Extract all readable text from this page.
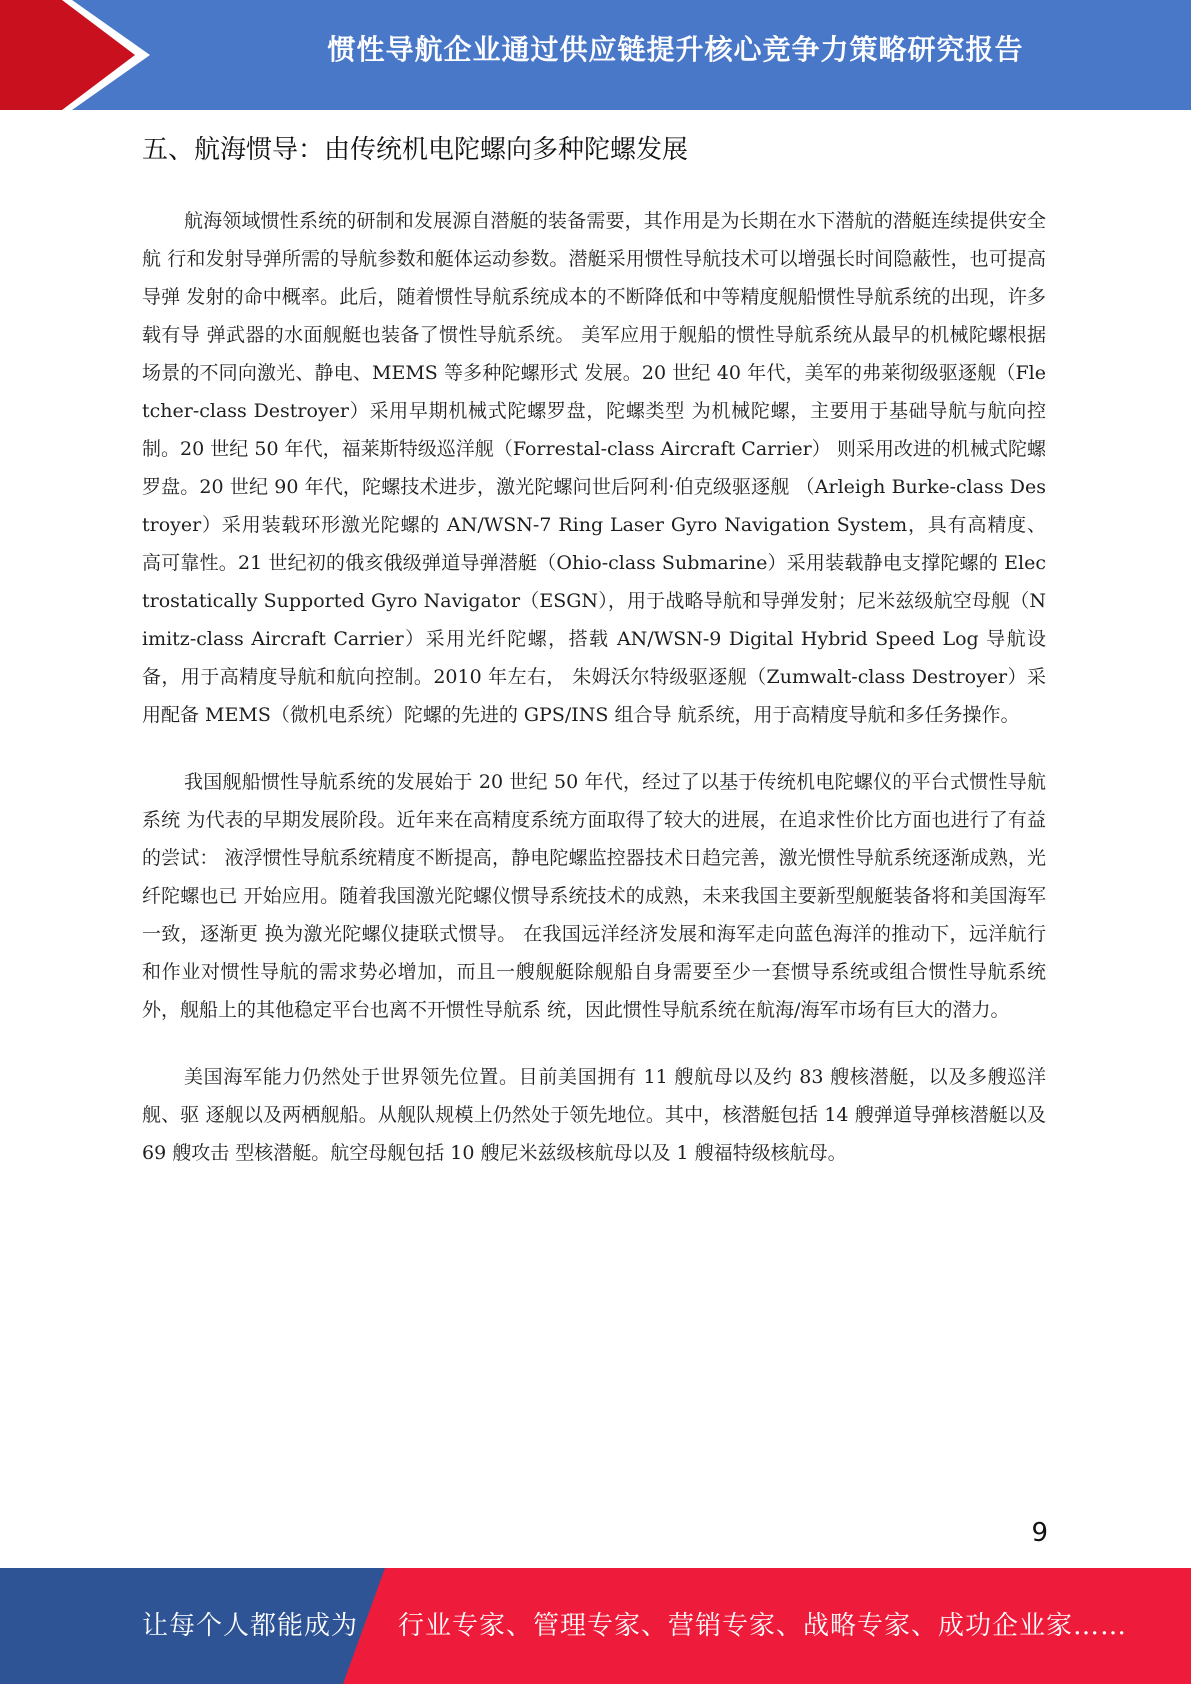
惯性导航企业通过供应链提升核心竞争力策略研究报告
五、航海惯导：由传统机电陀螺向多种陀螺发展

航海领域惯性系统的研制和发展源自潜艇的装备需要，其作用是为长期在水下潜航的潜艇连续提供安全航 行和发射导弹所需的导航参数和艇体运动参数。潜艇采用惯性导航技术可以增强长时间隐蔽性，也可提高导弹 发射的命中概率。此后，随着惯性导航系统成本的不断降低和中等精度舰船惯性导航系统的出现，许多载有导 弹武器的水面舰艇也装备了惯性导航系统。 美军应用于舰船的惯性导航系统从最早的机械陀螺根据场景的不同向激光、静电、MEMS 等多种陀螺形式 发展。20 世纪 40 年代，美军的弗莱彻级驱逐舰（Fletcher-class Destroyer）采用早期机械式陀螺罗盘，陀螺类型 为机械陀螺，主要用于基础导航与航向控制。20 世纪 50 年代，福莱斯特级巡洋舰（Forrestal-class Aircraft Carrier） 则采用改进的机械式陀螺罗盘。20 世纪 90 年代，陀螺技术进步，激光陀螺问世后阿利·伯克级驱逐舰 （Arleigh Burke-class Destroyer）采用装载环形激光陀螺的 AN/WSN-7 Ring Laser Gyro Navigation System，具有高精度、 高可靠性。21 世纪初的俄亥俄级弹道导弹潜艇（Ohio-class Submarine）采用装载静电支撑陀螺的 Electrostatically Supported Gyro Navigator（ESGN），用于战略导航和导弹发射；尼米兹级航空母舰（Nimitz-class Aircraft Carrier）采用光纤陀螺，搭载 AN/WSN-9 Digital Hybrid Speed Log 导航设备，用于高精度导航和航向控制。2010 年左右， 朱姆沃尔特级驱逐舰（Zumwalt-class Destroyer）采用配备 MEMS（微机电系统）陀螺的先进的 GPS/INS 组合导 航系统，用于高精度导航和多任务操作。

我国舰船惯性导航系统的发展始于 20 世纪 50 年代，经过了以基于传统机电陀螺仪的平台式惯性导航系统 为代表的早期发展阶段。近年来在高精度系统方面取得了较大的进展，在追求性价比方面也进行了有益的尝试： 液浮惯性导航系统精度不断提高，静电陀螺监控器技术日趋完善，激光惯性导航系统逐渐成熟，光纤陀螺也已 开始应用。随着我国激光陀螺仪惯导系统技术的成熟，未来我国主要新型舰艇装备将和美国海军一致，逐渐更 换为激光陀螺仪捷联式惯导。 在我国远洋经济发展和海军走向蓝色海洋的推动下，远洋航行和作业对惯性导航的需求势必增加，而且一艘舰艇除舰船自身需要至少一套惯导系统或组合惯性导航系统外，舰船上的其他稳定平台也离不开惯性导航系 统，因此惯性导航系统在航海/海军市场有巨大的潜力。

美国海军能力仍然处于世界领先位置。目前美国拥有 11 艘航母以及约 83 艘核潜艇，以及多艘巡洋舰、驱 逐舰以及两栖舰船。从舰队规模上仍然处于领先地位。其中，核潜艇包括 14 艘弹道导弹核潜艇以及 69 艘攻击 型核潜艇。航空母舰包括 10 艘尼米兹级核航母以及 1 艘福特级核航母。

9
让每个人都能成为 行业专家、管理专家、营销专家、战略专家、成功企业家……
